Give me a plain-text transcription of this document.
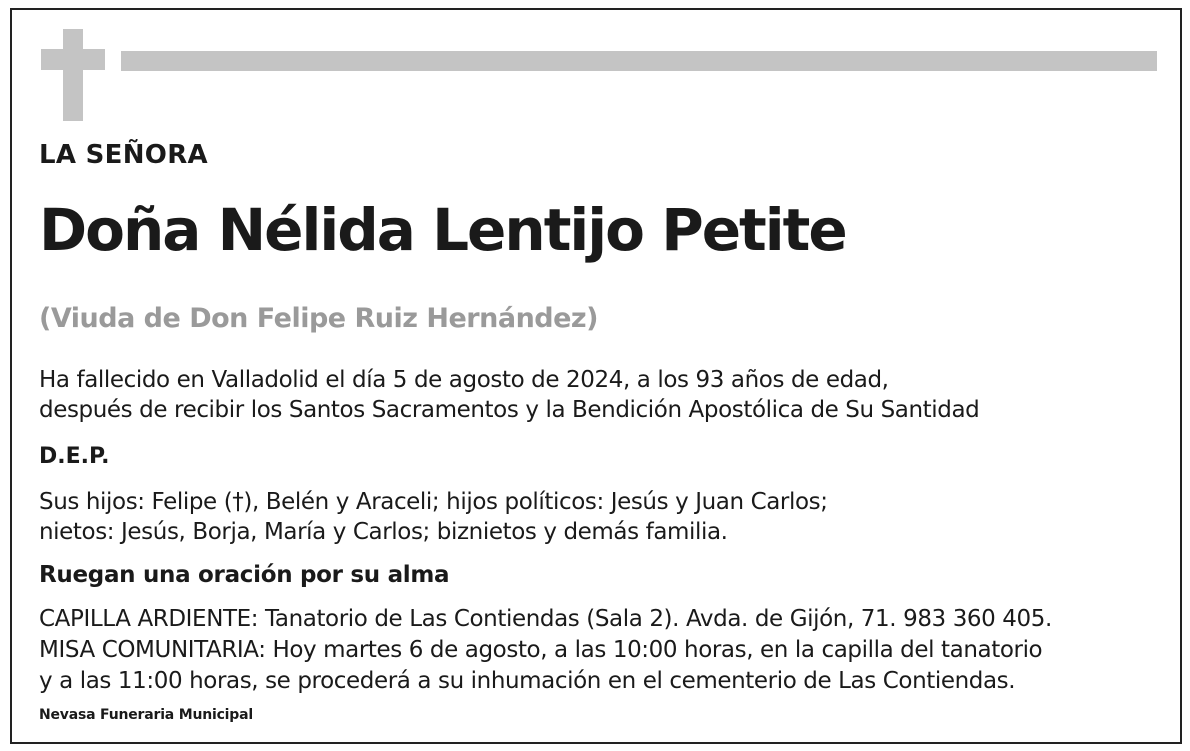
LA SEÑORA
Doña Nélida Lentijo Petite
(Viuda de Don Felipe Ruiz Hernández)
Ha fallecido en Valladolid el día 5 de agosto de 2024, a los 93 años de edad,
después de recibir los Santos Sacramentos y la Bendición Apostólica de Su Santidad
D.E.P.
Sus hijos: Felipe (†), Belén y Araceli; hijos políticos: Jesús y Juan Carlos;
nietos: Jesús, Borja, María y Carlos; biznietos y demás familia.
Ruegan una oración por su alma
CAPILLA ARDIENTE: Tanatorio de Las Contiendas (Sala 2). Avda. de Gijón, 71. 983 360 405.
MISA COMUNITARIA: Hoy martes 6 de agosto, a las 10:00 horas, en la capilla del tanatorio
y a las 11:00 horas, se procederá a su inhumación en el cementerio de Las Contiendas.
Nevasa Funeraria Municipal
